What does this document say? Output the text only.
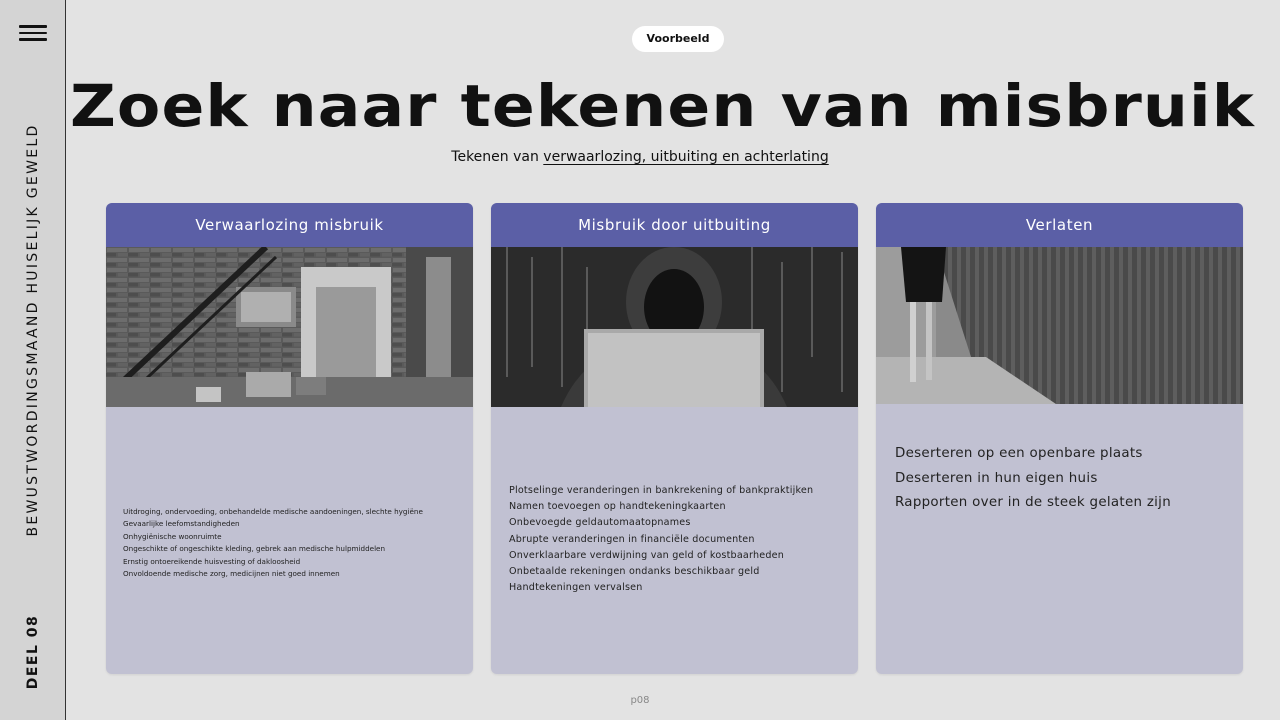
BEWUSTWORDINGSMAAND HUISELIJK GEWELD
DEEL 08
Voorbeeld
Zoek naar tekenen van misbruik
Tekenen van verwaarlozing, uitbuiting en achterlating
Verwaarlozing misbruik
Uitdroging, ondervoeding, onbehandelde medische aandoeningen, slechte hygiëne
Gevaarlijke leefomstandigheden
Onhygiënische woonruimte
Ongeschikte of ongeschikte kleding, gebrek aan medische hulpmiddelen
Ernstig ontoereikende huisvesting of dakloosheid
Onvoldoende medische zorg, medicijnen niet goed innemen
Misbruik door uitbuiting
Plotselinge veranderingen in bankrekening of bankpraktijken
Namen toevoegen op handtekeningkaarten
Onbevoegde geldautomaatopnames
Abrupte veranderingen in financiële documenten
Onverklaarbare verdwijning van geld of kostbaarheden
Onbetaalde rekeningen ondanks beschikbaar geld
Handtekeningen vervalsen
Verlaten
Deserteren op een openbare plaats
Deserteren in hun eigen huis
Rapporten over in de steek gelaten zijn
p08
